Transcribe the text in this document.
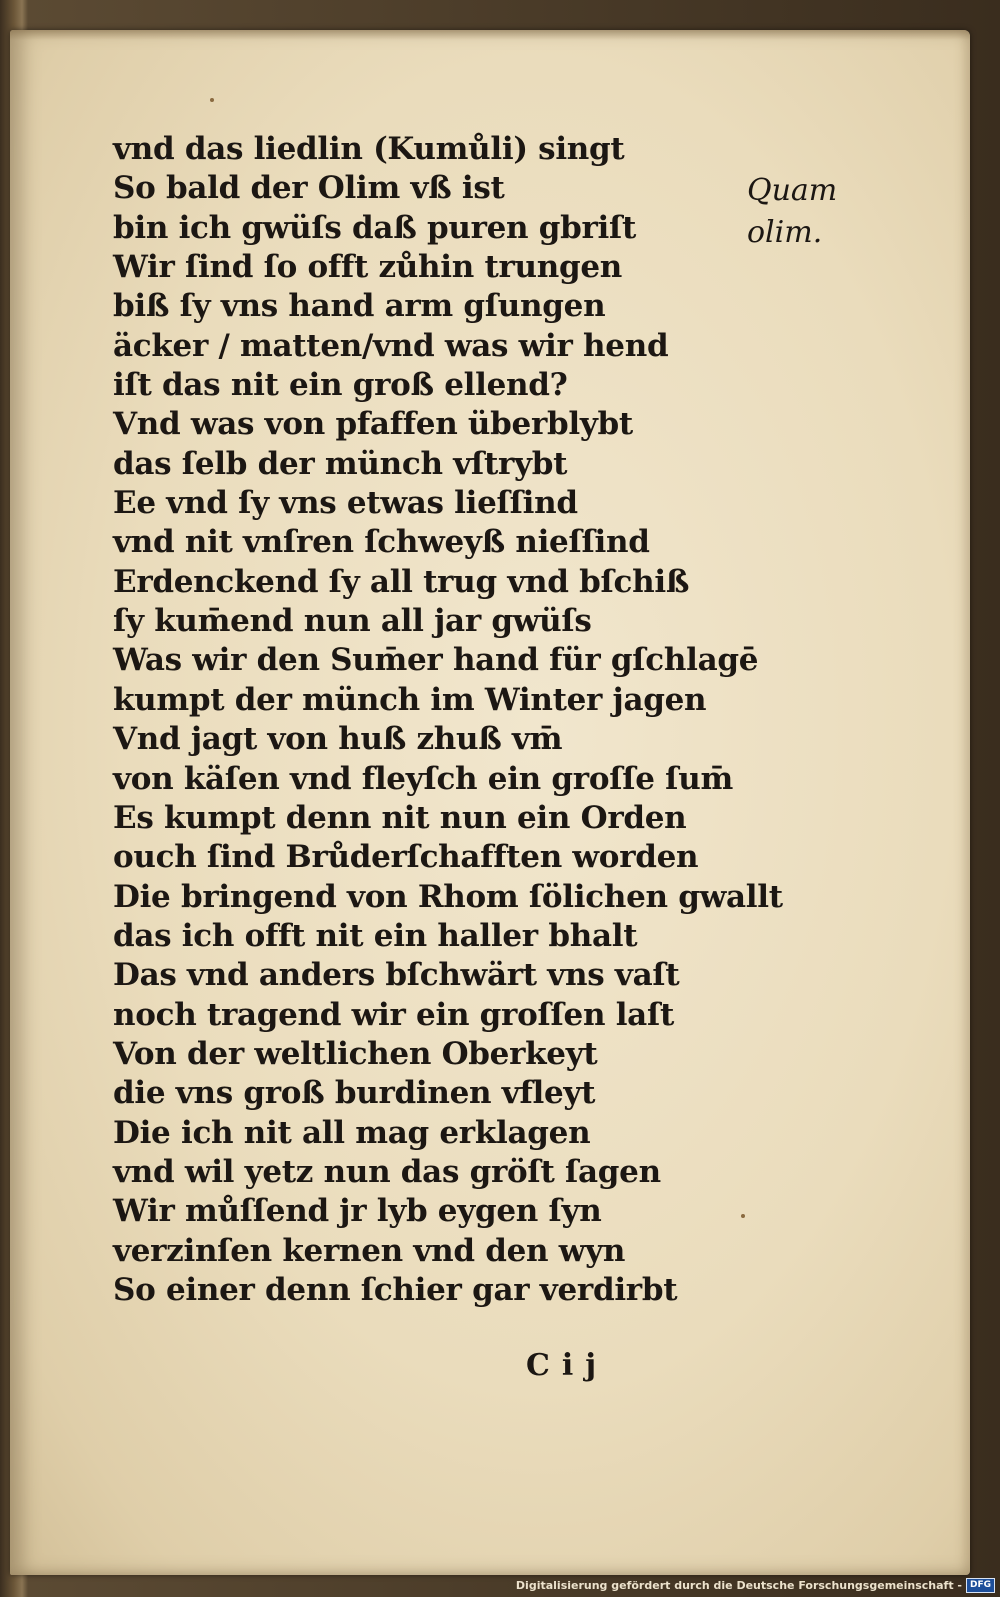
vnd das liedlin (Kumůli) singt
So bald der Olim vß ist
bin ich gwüſs daß puren gbriſt
Wir ſind ſo offt zůhin trungen
biß ſy vns hand arm gſungen
äcker / matten/vnd was wir hend
iſt das nit ein groß ellend?
Vnd was von pfaffen überblybt
das ſelb der münch vſtrybt
Ee vnd ſy vns etwas lieſſind
vnd nit vnſren ſchweyß nieſſind
Erdenckend ſy all trug vnd bſchiß
ſy kum̄end nun all jar gwüſs
Was wir den Sum̄er hand für gſchlagē
kumpt der münch im Winter jagen
Vnd jagt von huß zhuß vm̄
von käſen vnd fleyſch ein groſſe ſum̄
Es kumpt denn nit nun ein Orden
ouch ſind Brůderſchafften worden
Die bringend von Rhom ſölichen gwallt
das ich offt nit ein haller bhalt
Das vnd anders bſchwärt vns vaſt
noch tragend wir ein groſſen laſt
Von der weltlichen Oberkeyt
die vns groß burdinen vfleyt
Die ich nit all mag erklagen
vnd wil yetz nun das gröſt ſagen
Wir můſſend jr lyb eygen ſyn
verzinſen kernen vnd den wyn
So einer denn ſchier gar verdirbt
Quam
olim.
Cij
Digitalisierung gefördert durch die Deutsche Forschungsgemeinschaft - DFG
